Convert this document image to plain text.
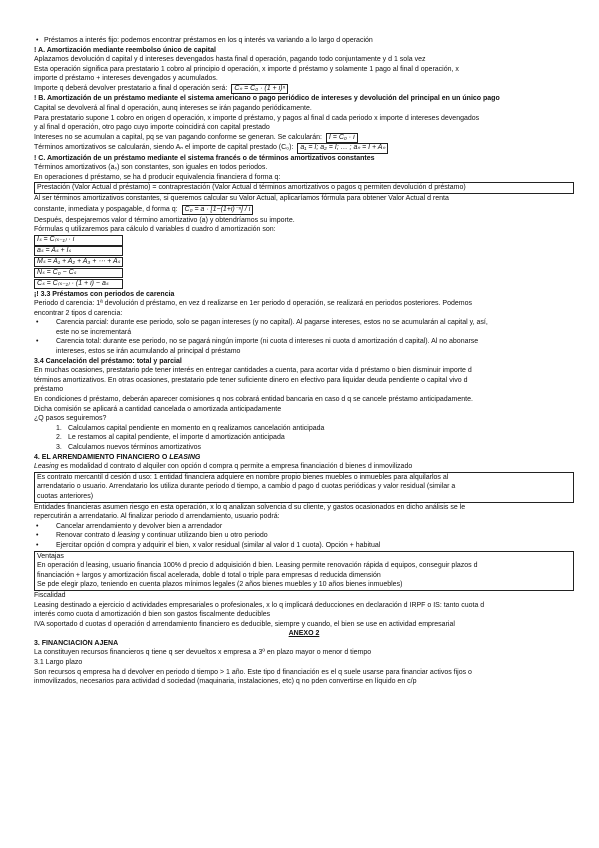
• Préstamos a interés fijo: podemos encontrar préstamos en los q interés va variando a lo largo d operación
! A. Amortización mediante reembolso único de capital
Aplazamos devolución d capital y d intereses devengados hasta final d operación, pagando todo conjuntamente y d 1 sola vez
Esta operación significa para prestatario 1 cobro al principio d operación, x importe d préstamo y solamente 1 pago al final d operación, x
importe d préstamo + intereses devengados y acumulados.
Importe q deberá devolver prestatario a final d operación será: Cₙ = C₀ · (1 + i)ⁿ
! B. Amortización de un préstamo mediante el sistema americano o pago periódico de intereses y devolución del principal en un único pago
Capital se devolverá al final d operación, aunq intereses se irán pagando periódicamente.
Para prestatario supone 1 cobro en origen d operación, x importe d préstamo, y pagos al final d cada periodo x importe d intereses devengados
y al final d operación, otro pago cuyo importe coincidirá con capital prestado
Intereses no se acumulan a capital, pq se van pagando conforme se generan. Se calcularán: I = C₀ · i
Términos amortizativos se calcularán, siendo Aₙ el importe de capital prestado (C₀): a₁ = I; a₂ = I; … ; aₙ = I + Aₙ
! C. Amortización de un préstamo mediante el sistema francés o de términos amortizativos constantes
Términos amortizativos (aₛ) son constantes, son iguales en todos periodos.
En operaciones d préstamo, se ha d producir equivalencia financiera d forma q:
Prestación (Valor Actual d préstamo) = contraprestación (Valor Actual d términos amortizativos o pagos q permiten devolución d préstamo)
Al ser términos amortizativos constantes, si queremos calcular su Valor Actual, aplicaríamos fórmula para obtener Valor Actual d renta
constante, inmediata y pospagable, d forma q: C₀ = a · [1−(1+i)⁻ⁿ] / i
Después, despejaremos valor d término amortizativo (a) y obtendríamos su importe.
Fórmulas q utilizaremos para cálculo d variables d cuadro d amortización son:
Iₛ = C₍ₛ₋₁₎ · i
aₛ = Aₛ + Iₛ
Mₛ = A₁ + A₂ + A₃ + ⋯ + Aₛ
Nₛ = C₀ − Cₛ
Cₛ = C₍ₛ₋₁₎ · (1 + i) − aₛ
¡! 3.3 Préstamos con periodos de carencia
Periodo d carencia: 1ª devolución d préstamo, en vez d realizarse en 1er periodo d operación, se realizará en periodos posteriores. Podemos
encontrar 2 tipos d carencia:
• Carencia parcial: durante ese periodo, solo se pagan intereses (y no capital). Al pagarse intereses, estos no se acumularán al capital y, así,
este no se incrementará
• Carencia total: durante ese periodo, no se pagará ningún importe (ni cuota d intereses ni cuota d amortización d capital). Al no abonarse
intereses, estos se irán acumulando al principal d préstamo
3.4 Cancelación del préstamo: total y parcial
En muchas ocasiones, prestatario pde tener interés en entregar cantidades a cuenta, para acortar vida d préstamo o bien disminuir importe d
términos amortizativos. En otras ocasiones, prestatario pde tener suficiente dinero en efectivo para liquidar deuda pendiente o capital vivo d
préstamo
En condiciones d préstamo, deberán aparecer comisiones q nos cobrará entidad bancaria en caso d q se cancele préstamo anticipadamente.
Dicha comisión se aplicará a cantidad cancelada o amortizada anticipadamente
¿Q pasos seguiremos?
1. Calculamos capital pendiente en momento en q realizamos cancelación anticipada
2. Le restamos al capital pendiente, el importe d amortización anticipada
3. Calculamos nuevos términos amortizativos
4. EL ARRENDAMIENTO FINANCIERO O LEASING
Leasing es modalidad d contrato d alquiler con opción d compra q permite a empresa financiación d bienes d inmovilizado
Es contrato mercantil d cesión d uso: 1 entidad financiera adquiere en nombre propio bienes muebles o inmuebles para alquilarlos al
arrendatario o usuario. Arrendatario los utiliza durante periodo d tiempo, a cambio d pago d cuotas periódicas y valor residual (similar a
cuotas anteriores)
Entidades financieras asumen riesgo en esta operación, x lo q analizan solvencia d su cliente, y gastos ocasionados en dicho análisis se le
repercutirán a arrendatario. Al finalizar periodo d arrendamiento, usuario podrá:
• Cancelar arrendamiento y devolver bien a arrendador
• Renovar contrato d leasing y continuar utilizando bien u otro periodo
• Ejercitar opción d compra y adquirir el bien, x valor residual (similar al valor d 1 cuota). Opción + habitual
Ventajas
En operación d leasing, usuario financia 100% d precio d adquisición d bien. Leasing permite renovación rápida d equipos, conseguir plazos d
financiación + largos y amortización fiscal acelerada, doble d total o triple para empresas d reducida dimensión
Se pde elegir plazo, teniendo en cuenta plazos mínimos legales (2 años bienes muebles y 10 años bienes inmuebles)
Fiscalidad
Leasing destinado a ejercicio d actividades empresariales o profesionales, x lo q implicará deducciones en declaración d IRPF o IS: tanto cuota d
interés como cuota d amortización d bien son gastos fiscalmente deducibles
IVA soportado d cuotas d operación d arrendamiento financiero es deducible, siempre y cuando, el bien se use en actividad empresarial
ANEXO 2
3. FINANCIACIÓN AJENA
La constituyen recursos financieros q tiene q ser devueltos x empresa a 3º en plazo mayor o menor d tiempo
3.1 Largo plazo
Son recursos q empresa ha d devolver en periodo d tiempo > 1 año. Este tipo d financiación es el q suele usarse para financiar activos fijos o
inmovilizados, necesarios para actividad d sociedad (maquinaria, instalaciones, etc) q no pden convertirse en líquido en c/p
